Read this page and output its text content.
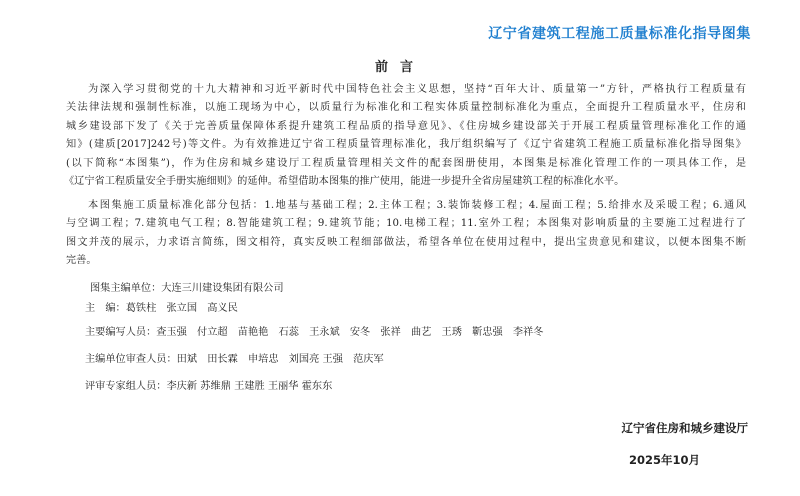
辽宁省建筑工程施工质量标准化指导图集
前言
为深入学习贯彻党的十九大精神和习近平新时代中国特色社会主义思想，坚持“百年大计、质量第一”方针，严格执行工程质量有
关法律法规和强制性标准，以施工现场为中心，以质量行为标准化和工程实体质量控制标准化为重点，全面提升工程质量水平，住房和
城乡建设部下发了《关于完善质量保障体系提升建筑工程品质的指导意见》、《住房城乡建设部关于开展工程质量管理标准化工作的通
知》(建质[2017]242号)等文件。为有效推进辽宁省工程质量管理标准化，我厅组织编写了《辽宁省建筑工程施工质量标准化指导图集》
(以下简称“本图集”)，作为住房和城乡建设厅工程质量管理相关文件的配套图册使用，本图集是标准化管理工作的一项具体工作，是
《辽宁省工程质量安全手册实施细则》的延伸。希望借助本图集的推广使用，能进一步提升全省房屋建筑工程的标准化水平。
本图集施工质量标准化部分包括：1.地基与基础工程；2.主体工程；3.装饰装修工程；4.屋面工程；5.给排水及采暖工程；6.通风
与空调工程；7.建筑电气工程；8.智能建筑工程；9.建筑节能；10.电梯工程；11.室外工程；本图集对影响质量的主要施工过程进行了
图文并茂的展示，力求语言简练，图文相符，真实反映工程细部做法，希望各单位在使用过程中，提出宝贵意见和建议，以便本图集不断
完善。
图集主编单位：大连三川建设集团有限公司
主　编：葛铁柱　张立国　高义民
主要编写人员：查玉强　付立超　苗艳艳　石蕊　王永斌　安冬　张祥　曲艺　王琇　靳忠强　李祥冬
主编单位审查人员：田斌　田长霖　申培忠　刘国亮 王强　范庆军
评审专家组人员：李庆新 苏维鼎 王建胜 王丽华 霍东东
辽宁省住房和城乡建设厅
2025年10月
